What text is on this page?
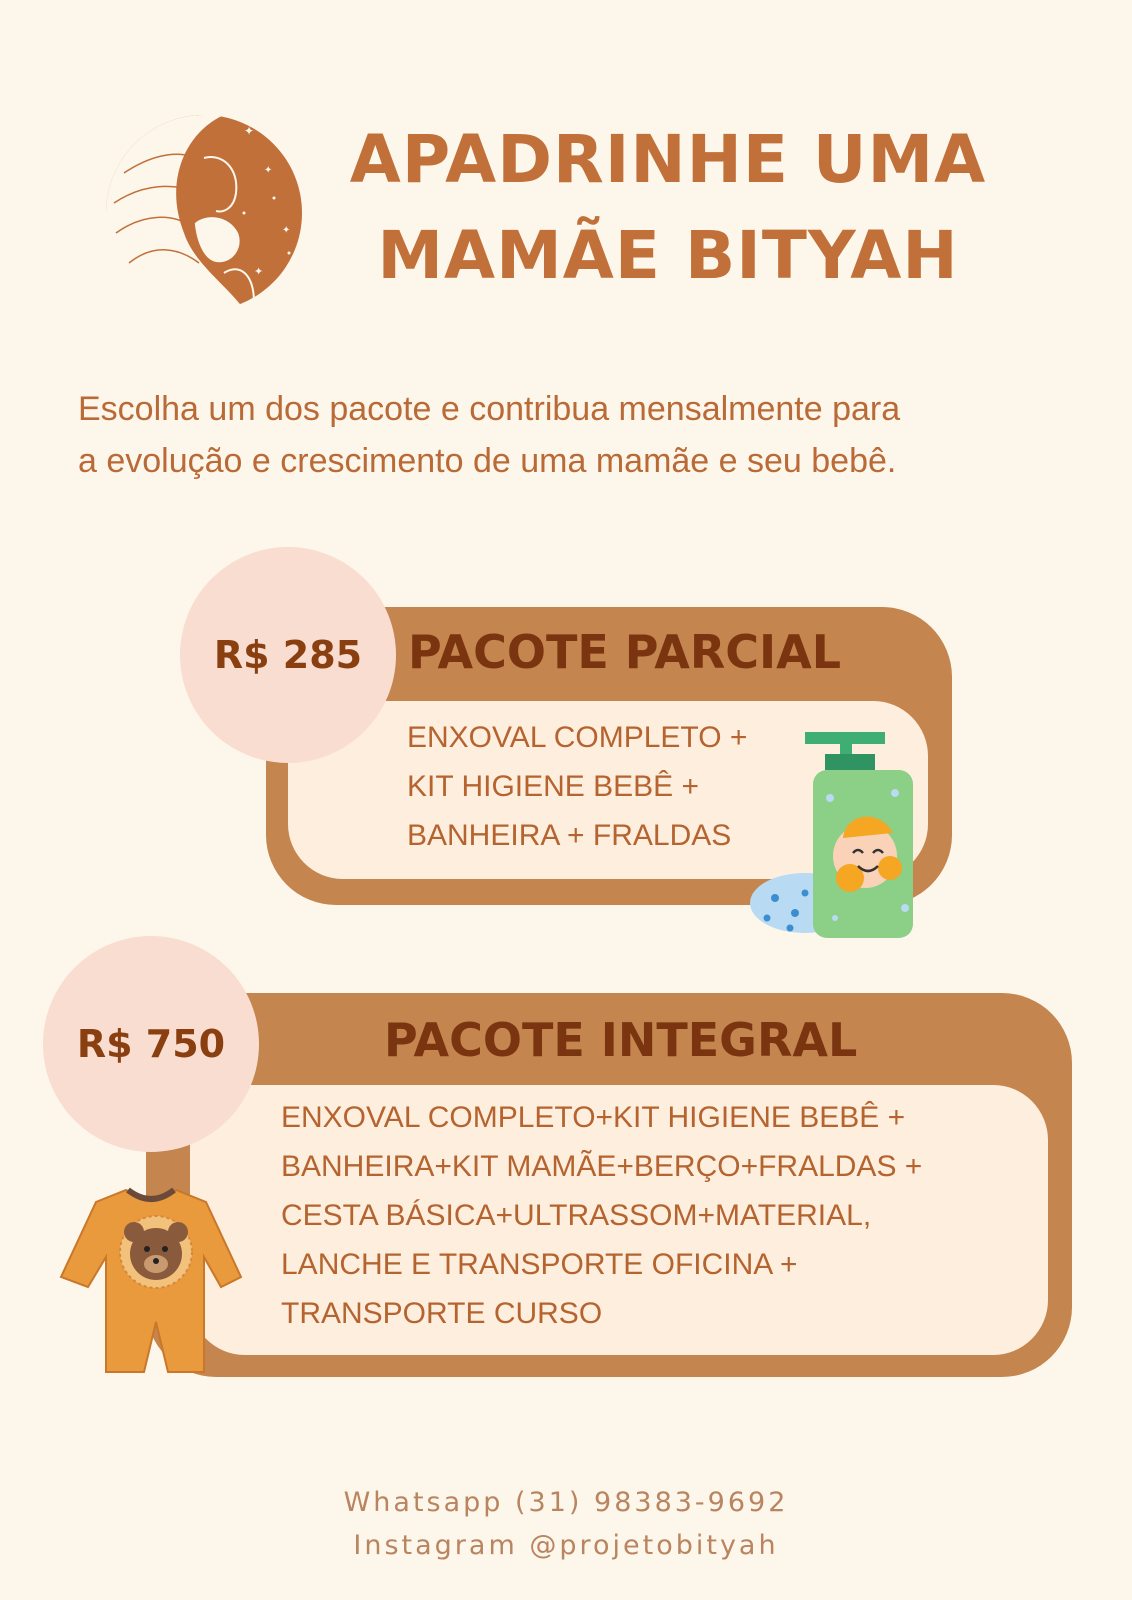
✦
✦
✦
✦
APADRINHE UMA
MAMÃE BITYAH
Escolha um dos pacote e contribua mensalmente para
a evolução e crescimento de uma mamãe e seu bebê.
PACOTE PARCIAL
ENXOVAL COMPLETO +
KIT HIGIENE BEBÊ +
BANHEIRA + FRALDAS
R$ 285
PACOTE INTEGRAL
ENXOVAL COMPLETO+KIT HIGIENE BEBÊ +
BANHEIRA+KIT MAMÃE+BERÇO+FRALDAS +
CESTA BÁSICA+ULTRASSOM+MATERIAL,
LANCHE E TRANSPORTE OFICINA +
TRANSPORTE CURSO
R$ 750
Whatsapp (31) 98383-9692
Instagram @projetobityah
